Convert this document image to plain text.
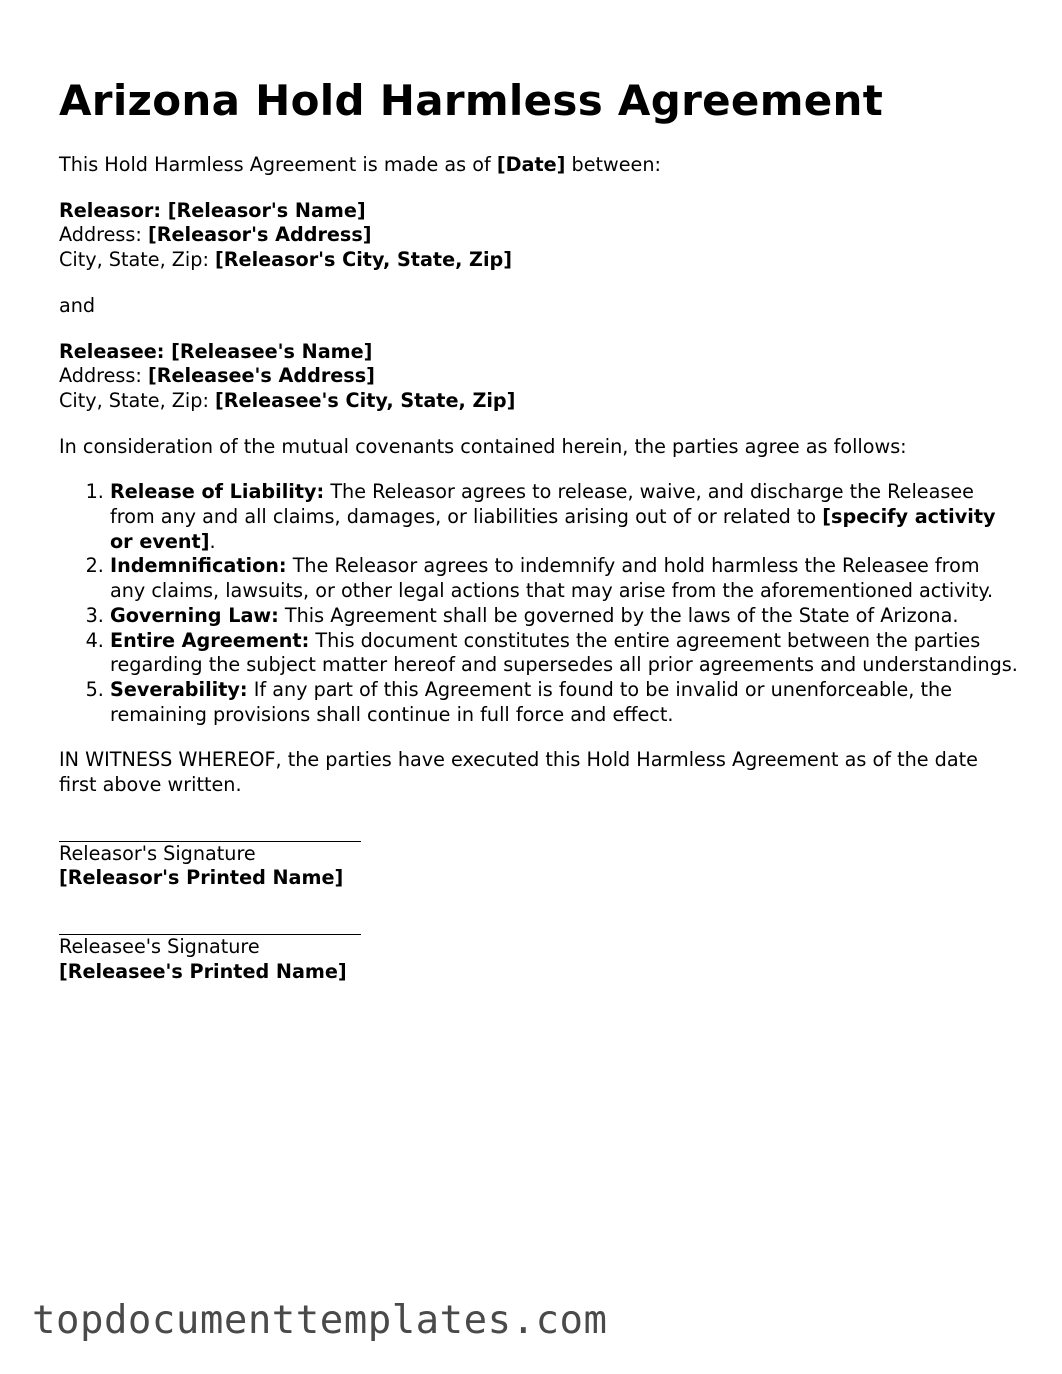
Arizona Hold Harmless Agreement

This Hold Harmless Agreement is made as of [Date] between:

Releasor: [Releasor's Name]
Address: [Releasor's Address]
City, State, Zip: [Releasor's City, State, Zip]

and

Releasee: [Releasee's Name]
Address: [Releasee's Address]
City, State, Zip: [Releasee's City, State, Zip]

In consideration of the mutual covenants contained herein, the parties agree as follows:

1. Release of Liability: The Releasor agrees to release, waive, and discharge the Releasee from any and all claims, damages, or liabilities arising out of or related to [specify activity or event].
2. Indemnification: The Releasor agrees to indemnify and hold harmless the Releasee from any claims, lawsuits, or other legal actions that may arise from the aforementioned activity.
3. Governing Law: This Agreement shall be governed by the laws of the State of Arizona.
4. Entire Agreement: This document constitutes the entire agreement between the parties regarding the subject matter hereof and supersedes all prior agreements and understandings.
5. Severability: If any part of this Agreement is found to be invalid or unenforceable, the remaining provisions shall continue in full force and effect.

IN WITNESS WHEREOF, the parties have executed this Hold Harmless Agreement as of the date first above written.

Releasor's Signature
[Releasor's Printed Name]
Releasee's Signature
[Releasee's Printed Name]
topdocumenttemplates.com
